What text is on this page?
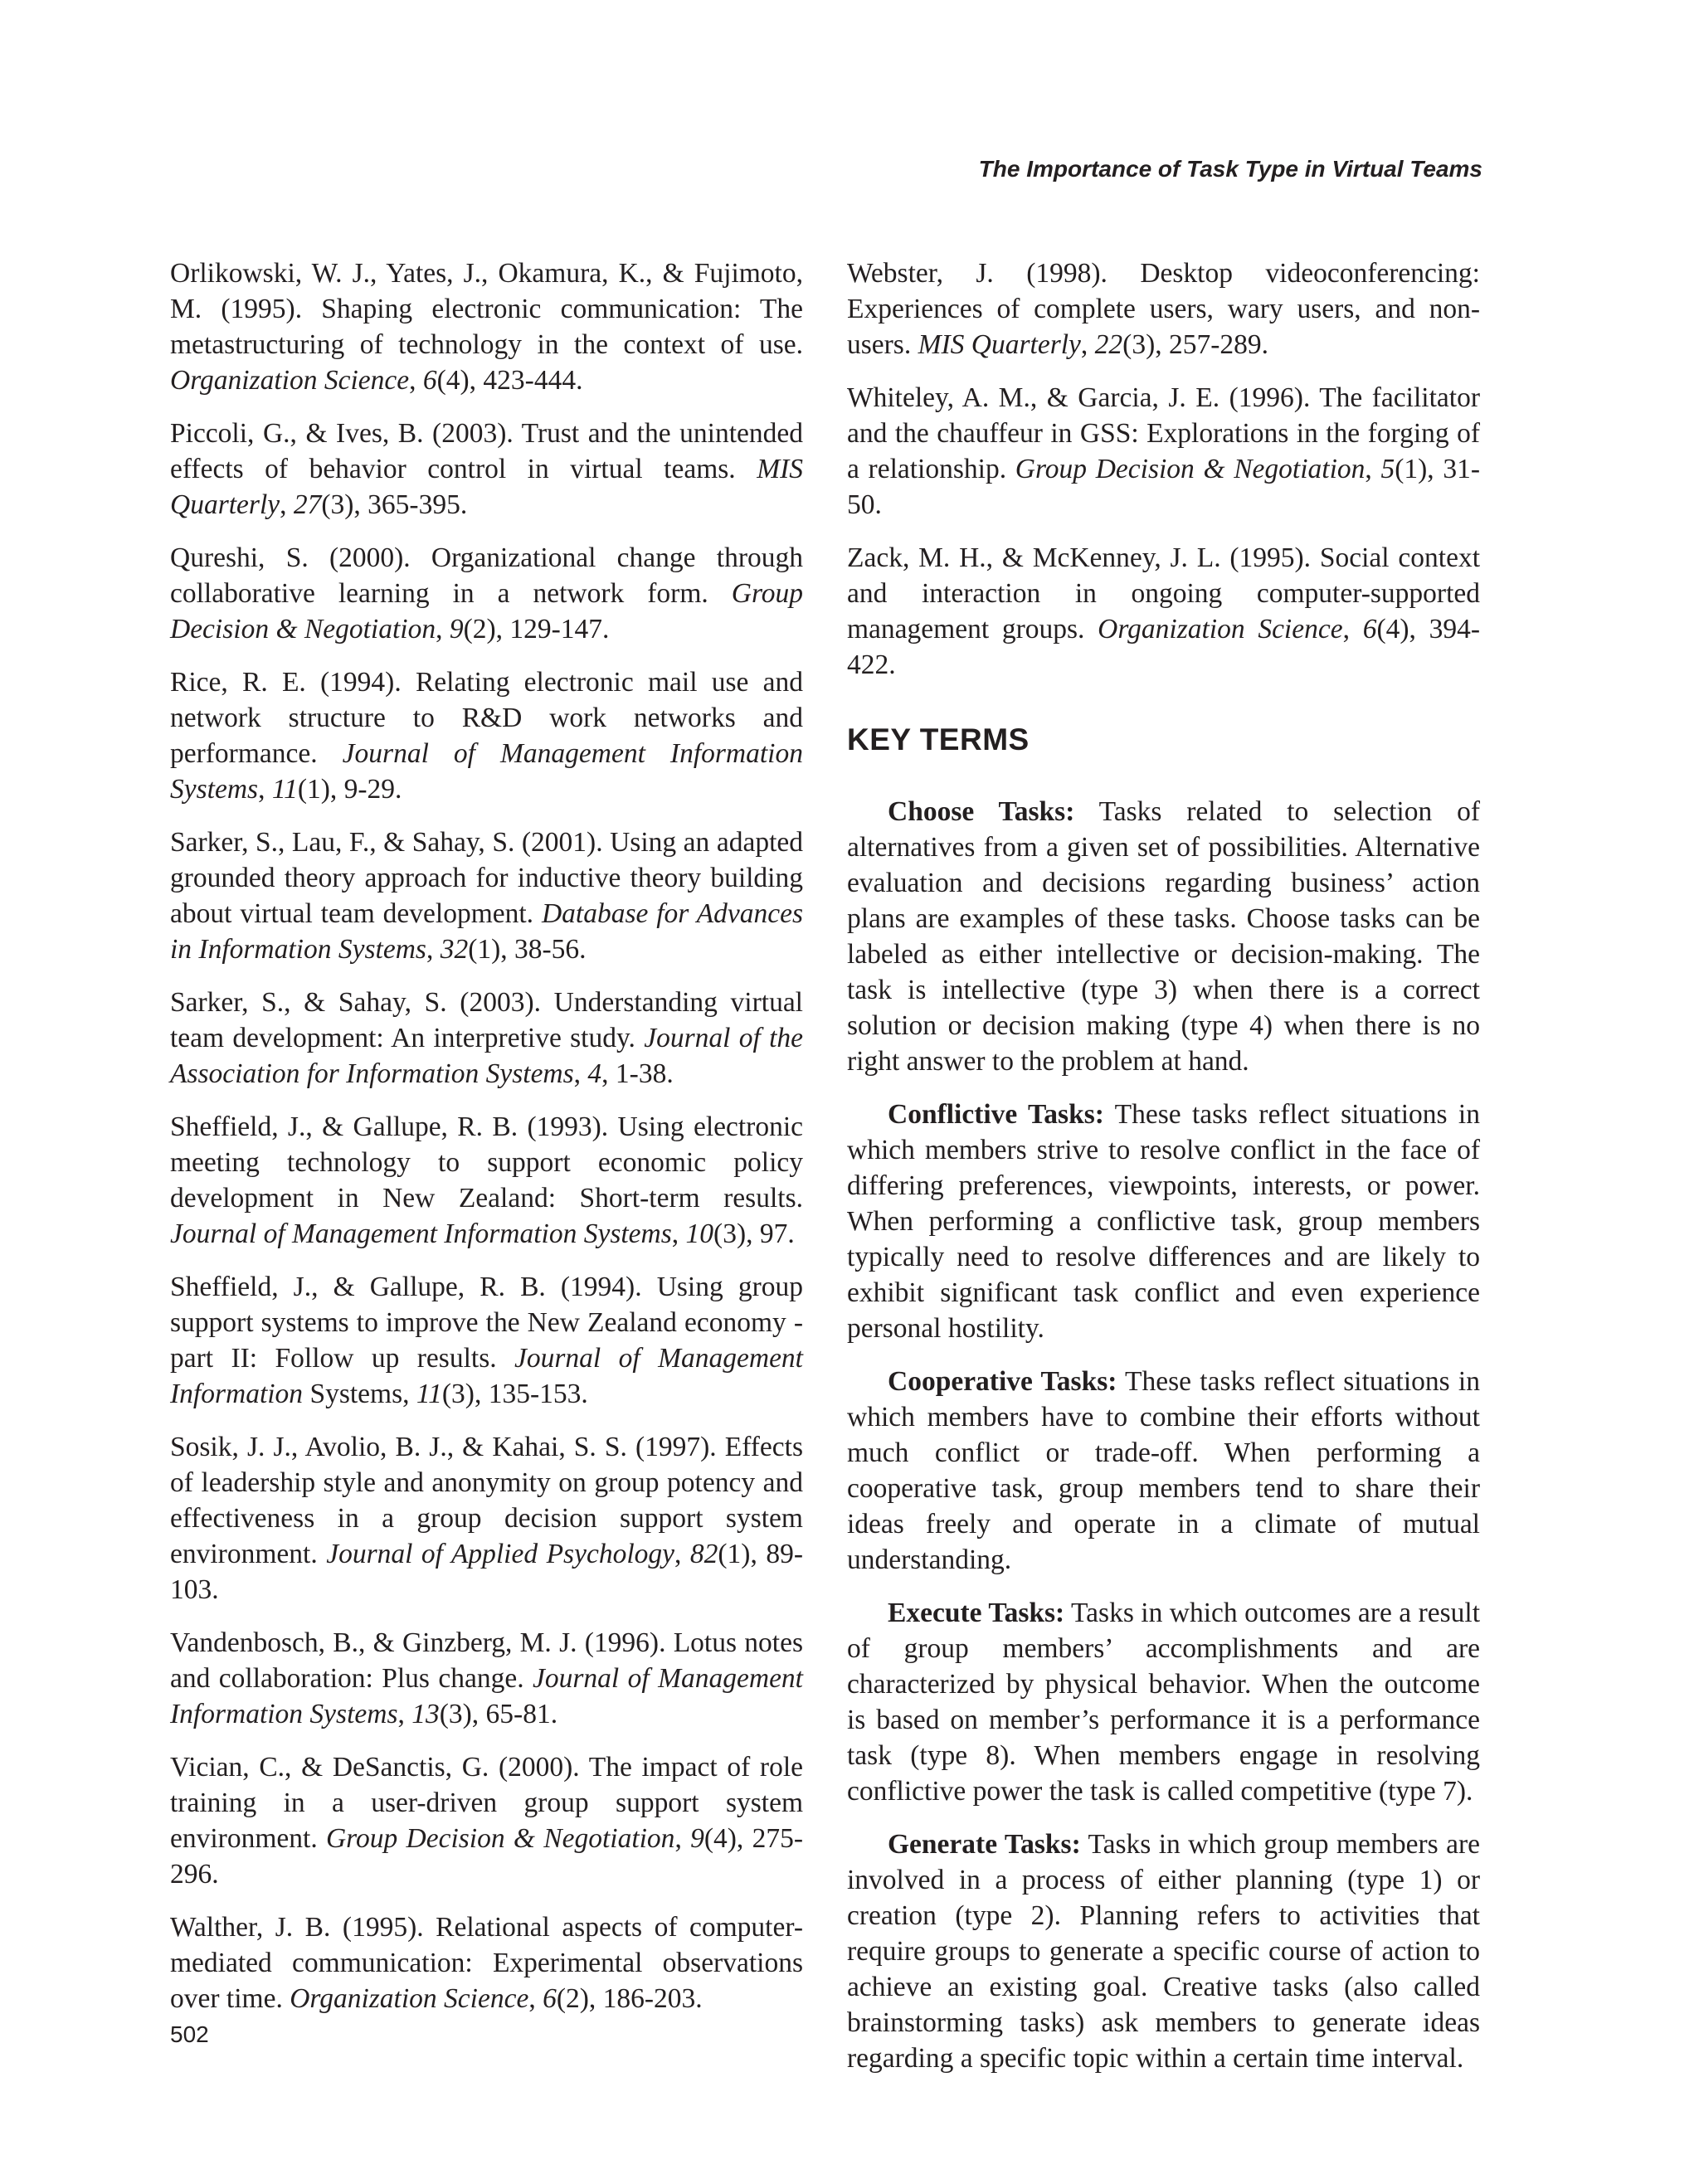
The Importance of Task Type in Virtual Teams

Orlikowski, W. J., Yates, J., Okamura, K., & Fujimoto, M. (1995). Shaping electronic communication: The metastructuring of technology in the context of use. Organization Science, 6(4), 423-444.

Piccoli, G., & Ives, B. (2003). Trust and the unintended effects of behavior control in virtual teams. MIS Quarterly, 27(3), 365-395.

Qureshi, S. (2000). Organizational change through collaborative learning in a network form. Group Decision & Negotiation, 9(2), 129-147.

Rice, R. E. (1994). Relating electronic mail use and network structure to R&D work networks and performance. Journal of Management Information Systems, 11(1), 9-29.

Sarker, S., Lau, F., & Sahay, S. (2001). Using an adapted grounded theory approach for inductive theory building about virtual team development. Database for Advances in Information Systems, 32(1), 38-56.

Sarker, S., & Sahay, S. (2003). Understanding virtual team development: An interpretive study. Journal of the Association for Information Systems, 4, 1-38.

Sheffield, J., & Gallupe, R. B. (1993). Using electronic meeting technology to support economic policy development in New Zealand: Short-term results. Journal of Management Information Systems, 10(3), 97.

Sheffield, J., & Gallupe, R. B. (1994). Using group support systems to improve the New Zealand economy - part II: Follow up results. Journal of Management Information Systems, 11(3), 135-153.

Sosik, J. J., Avolio, B. J., & Kahai, S. S. (1997). Effects of leadership style and anonymity on group potency and effectiveness in a group decision support system environment. Journal of Applied Psychology, 82(1), 89-103.

Vandenbosch, B., & Ginzberg, M. J. (1996). Lotus notes and collaboration: Plus change. Journal of Management Information Systems, 13(3), 65-81.

Vician, C., & DeSanctis, G. (2000). The impact of role training in a user-driven group support system environment. Group Decision & Negotiation, 9(4), 275-296.

Walther, J. B. (1995). Relational aspects of computer-mediated communication: Experimental observations over time. Organization Science, 6(2), 186-203.

Webster, J. (1998). Desktop videoconferencing: Experiences of complete users, wary users, and non-users. MIS Quarterly, 22(3), 257-289.

Whiteley, A. M., & Garcia, J. E. (1996). The facilitator and the chauffeur in GSS: Explorations in the forging of a relationship. Group Decision & Negotiation, 5(1), 31-50.

Zack, M. H., & McKenney, J. L. (1995). Social context and interaction in ongoing computer-supported management groups. Organization Science, 6(4), 394-422.

KEY TERMS

Choose Tasks: Tasks related to selection of alternatives from a given set of possibilities. Alternative evaluation and decisions regarding business’ action plans are examples of these tasks. Choose tasks can be labeled as either intellective or decision-making. The task is intellective (type 3) when there is a correct solution or decision making (type 4) when there is no right answer to the problem at hand.

Conflictive Tasks: These tasks reflect situations in which members strive to resolve conflict in the face of differing preferences, viewpoints, interests, or power. When performing a conflictive task, group members typically need to resolve differences and are likely to exhibit significant task conflict and even experience personal hostility.

Cooperative Tasks: These tasks reflect situations in which members have to combine their efforts without much conflict or trade-off. When performing a cooperative task, group members tend to share their ideas freely and operate in a climate of mutual understanding.

Execute Tasks: Tasks in which outcomes are a result of group members’ accomplishments and are characterized by physical behavior. When the outcome is based on member’s performance it is a performance task (type 8). When members engage in resolving conflictive power the task is called competitive (type 7).

Generate Tasks: Tasks in which group members are involved in a process of either planning (type 1) or creation (type 2). Planning refers to activities that require groups to generate a specific course of action to achieve an existing goal. Creative tasks (also called brainstorming tasks) ask members to generate ideas regarding a specific topic within a certain time interval.

502
